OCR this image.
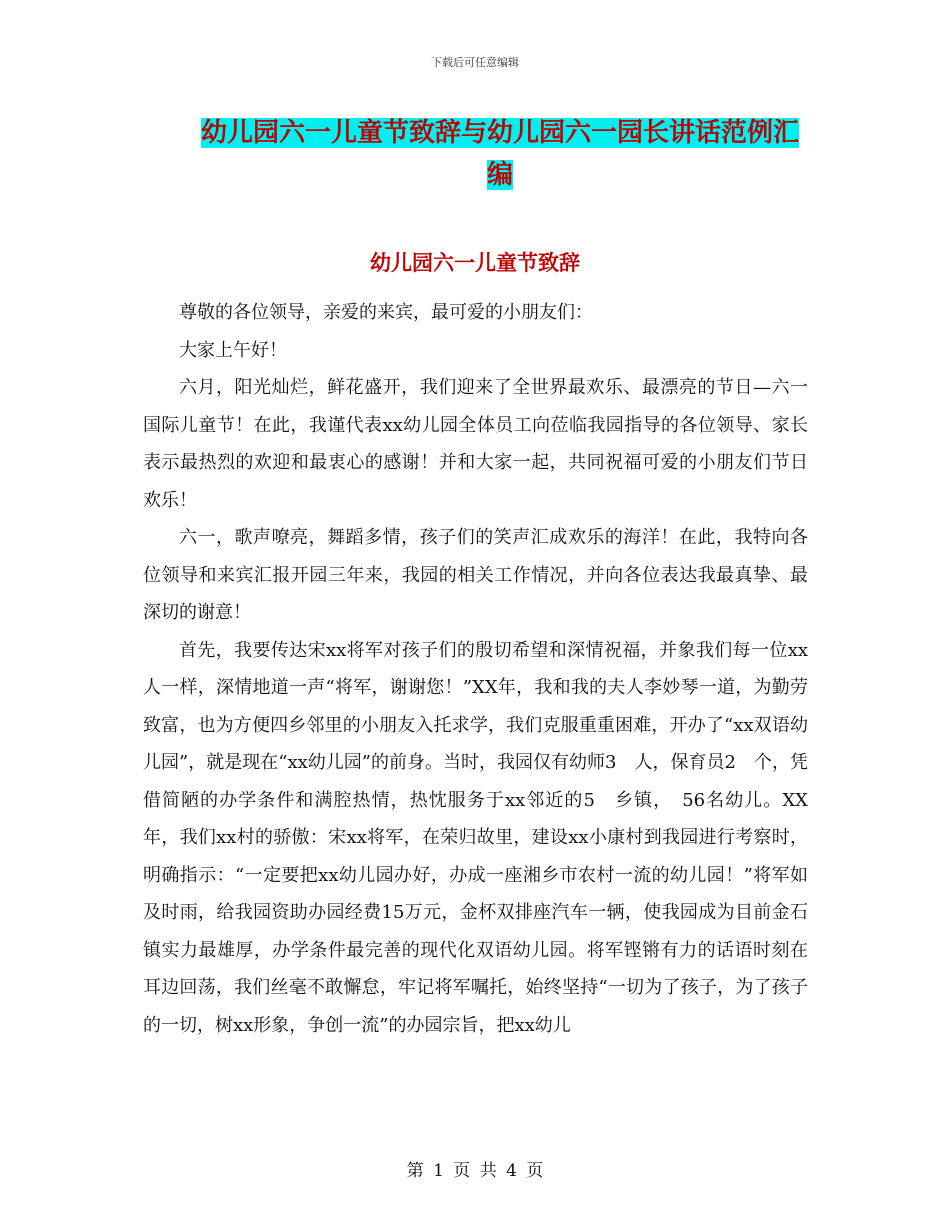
下载后可任意编辑
幼儿园六一儿童节致辞与幼儿园六一园长讲话范例汇编
幼儿园六一儿童节致辞

尊敬的各位领导，亲爱的来宾，最可爱的小朋友们：

大家上午好！

六月，阳光灿烂，鲜花盛开，我们迎来了全世界最欢乐、最漂亮的节日—六一国际儿童节！在此，我谨代表xx幼儿园全体员工向莅临我园指导的各位领导、家长表示最热烈的欢迎和最衷心的感谢！并和大家一起，共同祝福可爱的小朋友们节日欢乐！

六一，歌声嘹亮，舞蹈多情，孩子们的笑声汇成欢乐的海洋！在此，我特向各位领导和来宾汇报开园三年来，我园的相关工作情况，并向各位表达我最真挚、最深切的谢意！

首先，我要传达宋xx将军对孩子们的殷切希望和深情祝福，并象我们每一位xx人一样，深情地道一声“将军，谢谢您！”XX年，我和我的夫人李妙琴一道，为勤劳致富，也为方便四乡邻里的小朋友入托求学，我们克服重重困难，开办了“xx双语幼儿园”，就是现在“xx幼儿园”的前身。当时，我园仅有幼师3　人，保育员2　个，凭借简陋的办学条件和满腔热情，热忱服务于xx邻近的5　乡镇，　56名幼儿。XX年，我们xx村的骄傲：宋xx将军，在荣归故里，建设xx小康村到我园进行考察时，明确指示：“一定要把xx幼儿园办好，办成一座湘乡市农村一流的幼儿园！”将军如及时雨，给我园资助办园经费15万元，金杯双排座汽车一辆，使我园成为目前金石镇实力最雄厚，办学条件最完善的现代化双语幼儿园。将军铿锵有力的话语时刻在耳边回荡，我们丝毫不敢懈怠，牢记将军嘱托，始终坚持“一切为了孩子，为了孩子的一切，树xx形象，争创一流”的办园宗旨，把xx幼儿

第 1 页 共 4 页
